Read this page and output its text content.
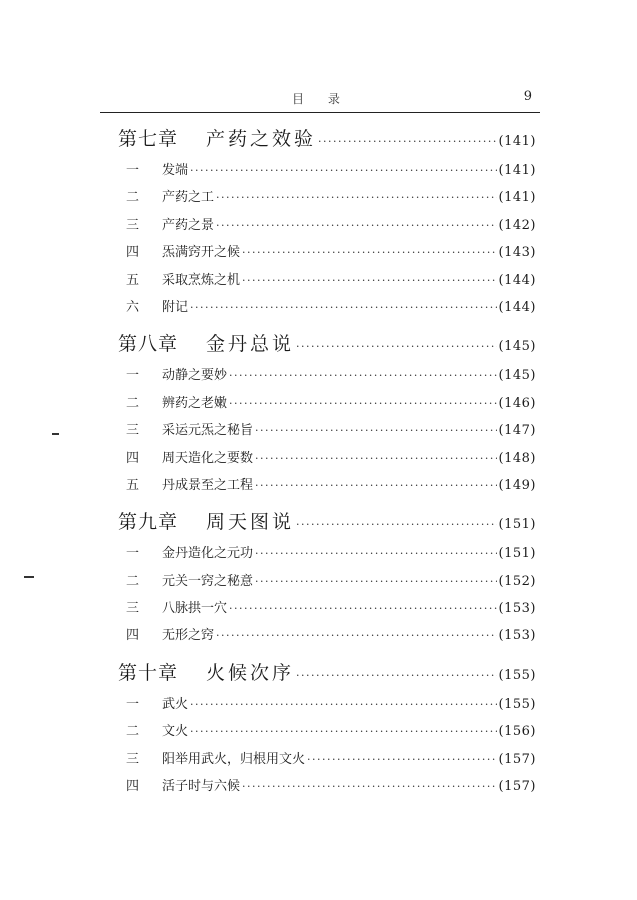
目 录	9
第七章	产药之效验 ·····	(141)
一	发端 ·····	(141)
二	产药之工 ·····	(141)
三	产药之景 ·····	(142)
四	炁满窍开之候 ·····	(143)
五	采取烹炼之机 ·····	(144)
六	附记 ·····	(144)
第八章	金丹总说 ·····	(145)
一	动静之要妙 ·····	(145)
二	辨药之老嫩 ·····	(146)
三	采运元炁之秘旨 ·····	(147)
四	周天造化之要数 ·····	(148)
五	丹成景至之工程 ·····	(149)
第九章	周天图说 ·····	(151)
一	金丹造化之元功 ·····	(151)
二	元关一窍之秘意 ·····	(152)
三	八脉拱一穴 ·····	(153)
四	无形之窍 ·····	(153)
第十章	火候次序 ·····	(155)
一	武火 ·····	(155)
二	文火 ·····	(156)
三	阳举用武火，归根用文火 ·····	(157)
四	活子时与六候 ·····	(157)
